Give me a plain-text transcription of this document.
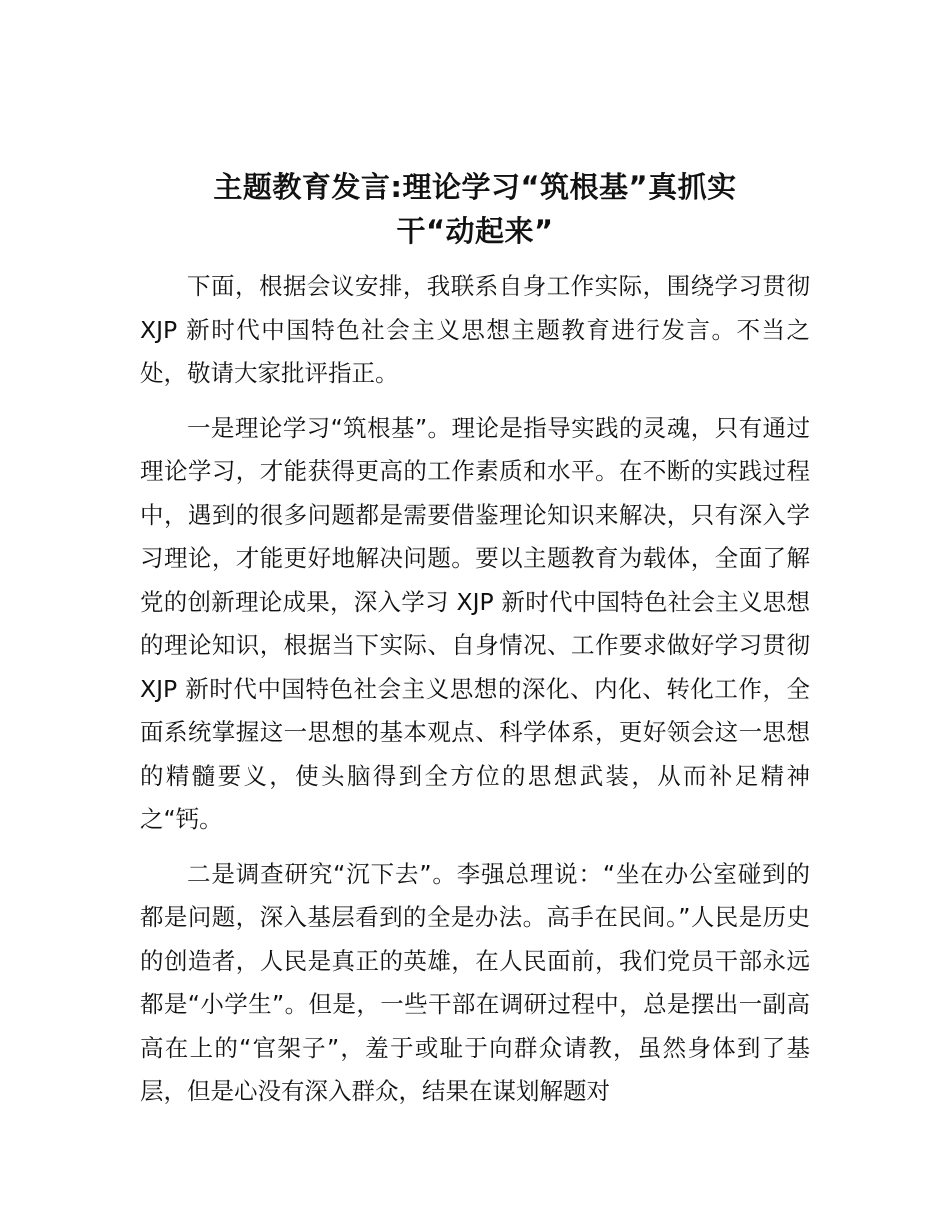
主题教育发言:理论学习“筑根基”真抓实
干“动起来”

下面，根据会议安排，我联系自身工作实际，围绕学习贯彻 XJP 新时代中国特色社会主义思想主题教育进行发言。不当之处，敬请大家批评指正。

一是理论学习“筑根基”。理论是指导实践的灵魂，只有通过理论学习，才能获得更高的工作素质和水平。在不断的实践过程中，遇到的很多问题都是需要借鉴理论知识来解决，只有深入学习理论，才能更好地解决问题。要以主题教育为载体，全面了解党的创新理论成果，深入学习 XJP 新时代中国特色社会主义思想的理论知识，根据当下实际、自身情况、工作要求做好学习贯彻 XJP 新时代中国特色社会主义思想的深化、内化、转化工作，全面系统掌握这一思想的基本观点、科学体系，更好领会这一思想的精髓要义，使头脑得到全方位的思想武装，从而补足精神之“钙。

二是调查研究“沉下去”。李强总理说：“坐在办公室碰到的都是问题，深入基层看到的全是办法。高手在民间。”人民是历史的创造者，人民是真正的英雄，在人民面前，我们党员干部永远都是“小学生”。但是，一些干部在调研过程中，总是摆出一副高高在上的“官架子”，羞于或耻于向群众请教，虽然身体到了基层，但是心没有深入群众，结果在谋划解题对
